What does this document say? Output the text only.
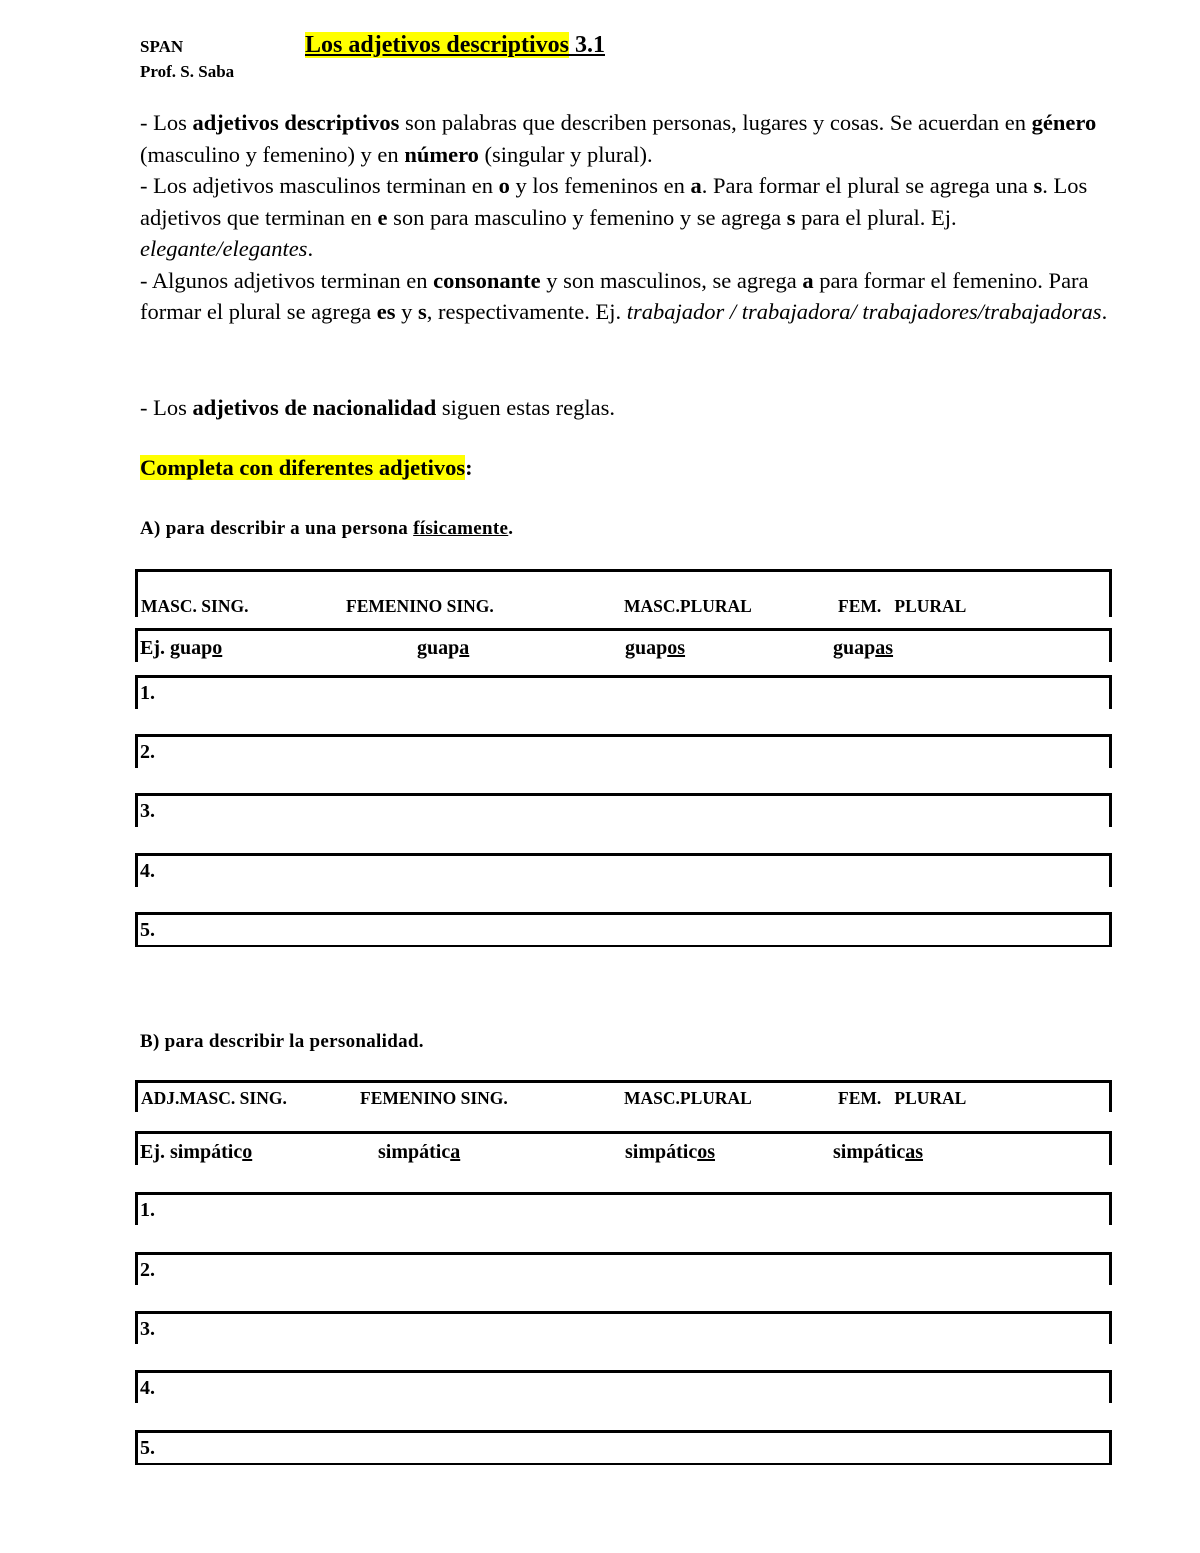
SPAN
Prof. S. Saba
Los adjetivos descriptivos 3.1

- Los adjetivos descriptivos son palabras que describen personas, lugares y cosas. Se acuerdan en género (masculino y femenino) y en número (singular y plural).

- Los adjetivos masculinos terminan en o y los femeninos en a. Para formar el plural se agrega una s. Los adjetivos que terminan en e son para masculino y femenino y se agrega s para el plural. Ej. elegante/elegantes.

- Algunos adjetivos terminan en consonante y son masculinos, se agrega a para formar el femenino. Para formar el plural se agrega es y s, respectivamente. Ej. trabajador / trabajadora/ trabajadores/trabajadoras.

- Los adjetivos de nacionalidad siguen estas reglas.
Completa con diferentes adjetivos:
A) para describir a una persona físicamente.
MASC. SING.	FEMENINO SING.	MASC.PLURAL	FEM.   PLURAL
Ej. guapo	guapa	guapos	guapas
1.
2.
3.
4.
5.
B) para describir la personalidad.
ADJ.MASC. SING.	FEMENINO SING.	MASC.PLURAL	FEM.   PLURAL
Ej. simpático	simpática	simpáticos	simpáticas
1.
2.
3.
4.
5.
